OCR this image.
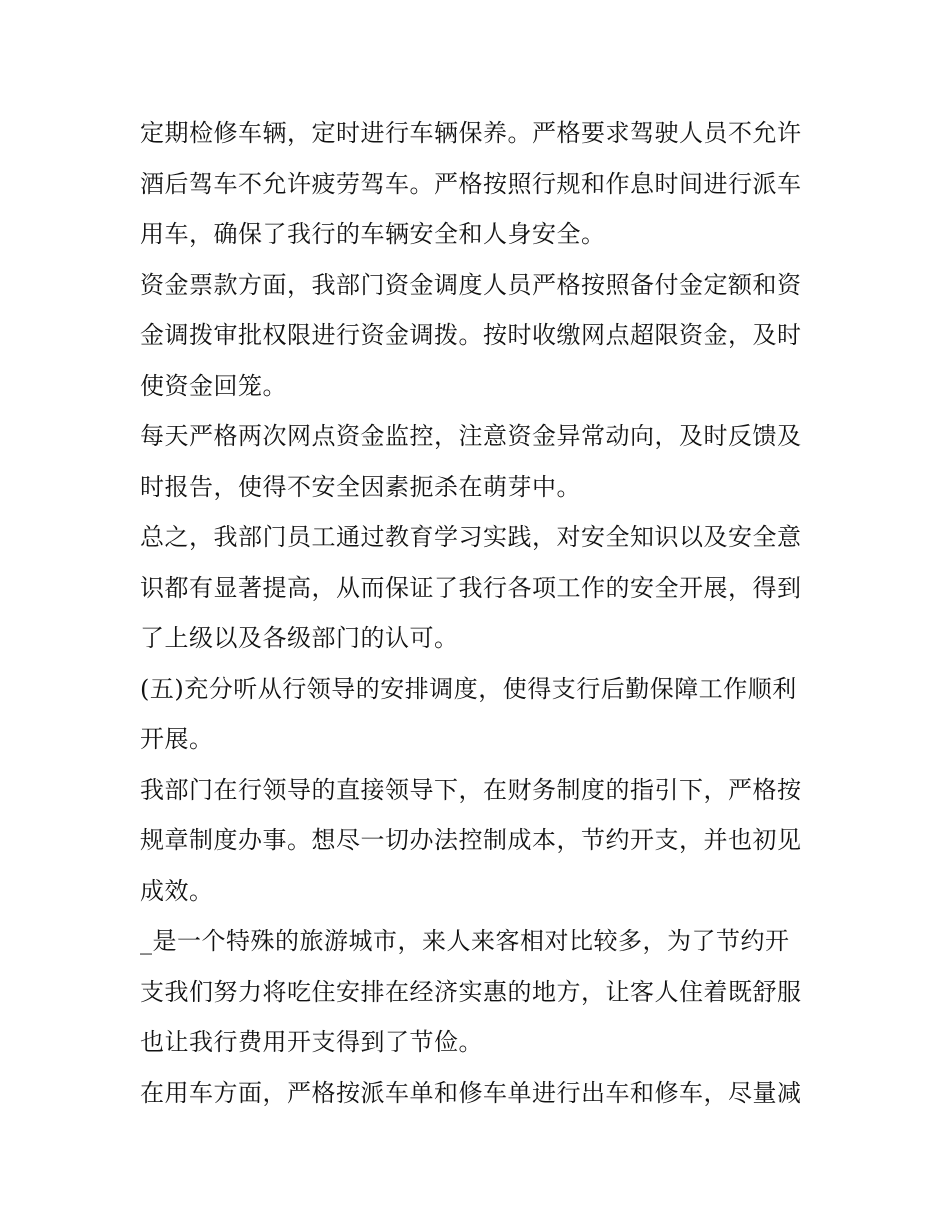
定期检修车辆，定时进行车辆保养。严格要求驾驶人员不允许
酒后驾车不允许疲劳驾车。严格按照行规和作息时间进行派车
用车，确保了我行的车辆安全和人身安全。

资金票款方面，我部门资金调度人员严格按照备付金定额和资
金调拨审批权限进行资金调拨。按时收缴网点超限资金，及时
使资金回笼。

每天严格两次网点资金监控，注意资金异常动向，及时反馈及
时报告，使得不安全因素扼杀在萌芽中。

总之，我部门员工通过教育学习实践，对安全知识以及安全意
识都有显著提高，从而保证了我行各项工作的安全开展，得到
了上级以及各级部门的认可。

(五)充分听从行领导的安排调度，使得支行后勤保障工作顺利
开展。

我部门在行领导的直接领导下，在财务制度的指引下，严格按
规章制度办事。想尽一切办法控制成本，节约开支，并也初见
成效。

_是一个特殊的旅游城市，来人来客相对比较多，为了节约开
支我们努力将吃住安排在经济实惠的地方，让客人住着既舒服
也让我行费用开支得到了节俭。

在用车方面，严格按派车单和修车单进行出车和修车，尽量减
